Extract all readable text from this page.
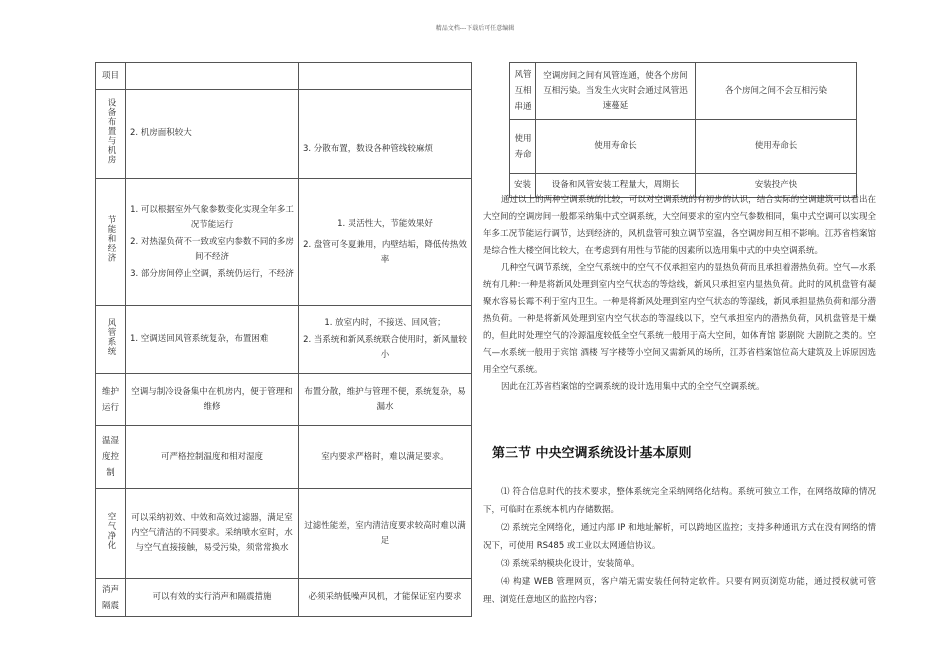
精品文档---下载后可任意编辑
项目		
设备布置与机房	2. 机房面积较大	3. 分散布置，数设各种管线较麻烦

节能和经济	1. 可以根据室外气象参数变化实现全年多工况节能运行
2. 对热湿负荷不一致或室内参数不同的多房间不经济
3. 部分房间停止空调，系统仍运行，不经济	1. 灵活性大，节能效果好
2. 盘管可冬夏兼用，内壁结垢，降低传热效率

风管系统	1. 空调送回风管系统复杂，布置困难	1. 放室内时，不接送、回风管；
2. 当系统和新风系统联合使用时，新风量较小

维护运行	空调与制冷设备集中在机房内，便于管理和维修	布置分散，维护与管理不便，系统复杂，易漏水

温湿度控制	可严格控制温度和相对湿度	室内要求严格时，难以满足要求。

空气净化	可以采纳初效、中效和高效过滤器，满足室内空气清洁的不同要求。采纳喷水室时，水与空气直接接触，易受污染，须常常换水	过滤性能差，室内清洁度要求较高时难以满足

消声隔震	可以有效的实行消声和隔震措施	必须采纳低噪声风机，才能保证室内要求
风管互相串通	空调房间之间有风管连通，使各个房间互相污染。当发生火灾时会通过风管迅速蔓延	各个房间之间不会互相污染

使用寿命	使用寿命长	使用寿命长

安装	设备和风管安装工程量大，周期长	安装投产快

通过以上的两种空调系统的比较，可以对空调系统的有初步的认识，结合实际的空调建筑可以看出在大空间的空调房间一般都采纳集中式空调系统，大空间要求的室内空气参数相同，集中式空调可以实现全年多工况节能运行调节，达到经济的，风机盘管可独立调节室温，各空调房间互相不影响。江苏省档案馆是综合性大楼空间比较大，在考虑到有用性与节能的因素所以选用集中式的中央空调系统。

几种空气调节系统，全空气系统中的空气不仅承担室内的显热负荷而且承担着潜热负荷。空气—水系统有几种:一种是将新风处理到室内空气状态的等焓线，新风只承担室内显热负荷。此时的风机盘管有凝聚水容易长霉不利于室内卫生。一种是将新风处理到室内空气状态的等湿线，新风承担显热负荷和部分潜热负荷。一种是将新风处理到室内空气状态的等湿线以下，空气承担室内的潜热负荷，风机盘管是干燥的，但此时处理空气的冷源温度较低全空气系统一般用于高大空间，如体育馆 影剧院 大剧院之类的。空气—水系统一般用于宾馆 酒楼 写字楼等小空间又需新风的场所，江苏省档案馆位高大建筑及上诉原因选用全空气系统。

因此在江苏省档案馆的空调系统的设计选用集中式的全空气空调系统。

第三节 中央空调系统设计基本原则

⑴ 符合信息时代的技术要求，整体系统完全采纳网络化结构。系统可独立工作，在网络故障的情况下，可临时在系统本机内存储数据。

⑵ 系统完全网络化，通过内部 IP 和地址解析，可以跨地区监控；支持多种通讯方式在没有网络的情况下，可使用 RS485 或工业以太网通信协议。

⑶ 系统采纳模块化设计，安装简单。

⑷ 构建 WEB 管理网页，客户端无需安装任何特定软件。只要有网页浏览功能，通过授权就可管理、浏览任意地区的监控内容；
